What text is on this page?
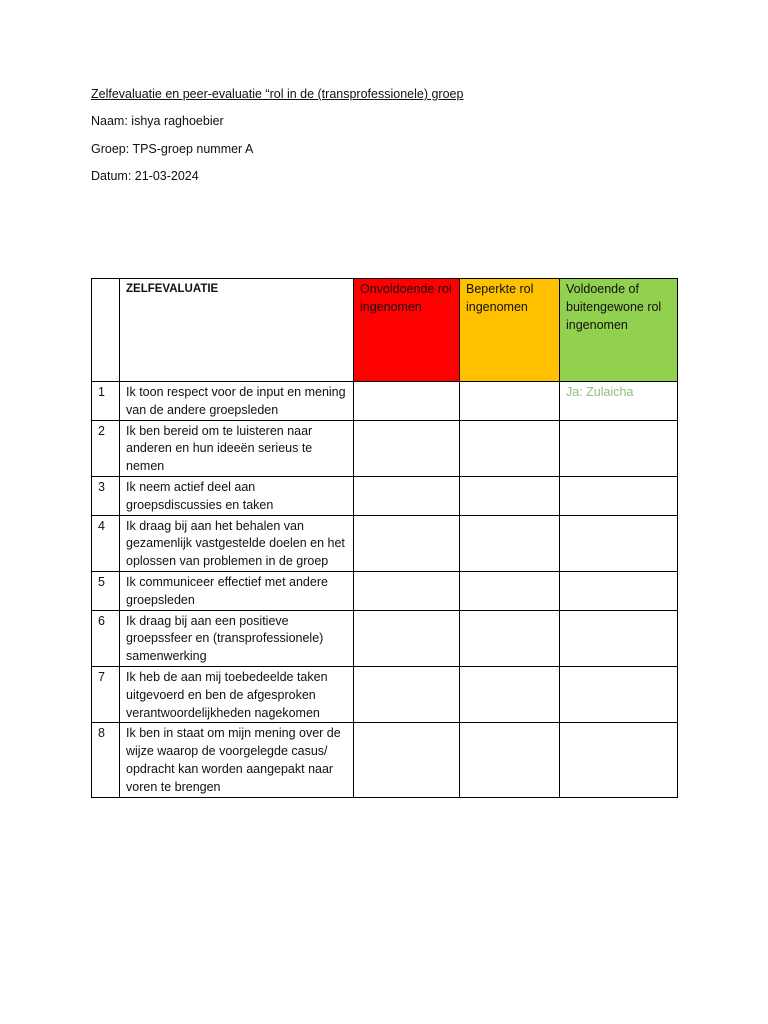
Zelfevaluatie en peer-evaluatie “rol in de (transprofessionele) groep
Naam: ishya raghoebier
Groep: TPS-groep nummer A
Datum: 21-03-2024
	ZELFEVALUATIE	Onvoldoende rol ingenomen	Beperkte rol ingenomen	Voldoende of buitengewone rol ingenomen
1	Ik toon respect voor de input en mening van de andere groepsleden			Ja: Zulaicha
2	Ik ben bereid om te luisteren naar anderen en hun ideeën serieus te nemen			
3	Ik neem actief deel aan groepsdiscussies en taken			
4	Ik draag bij aan het behalen van gezamenlijk vastgestelde doelen en het oplossen van problemen in de groep			
5	Ik communiceer effectief met andere groepsleden			
6	Ik draag bij aan een positieve groepssfeer en (transprofessionele) samenwerking			
7	Ik heb de aan mij toebedeelde taken uitgevoerd en ben de afgesproken verantwoordelijkheden nagekomen			
8	Ik ben in staat om mijn mening over de wijze waarop de voorgelegde casus/ opdracht kan worden aangepakt naar voren te brengen			
